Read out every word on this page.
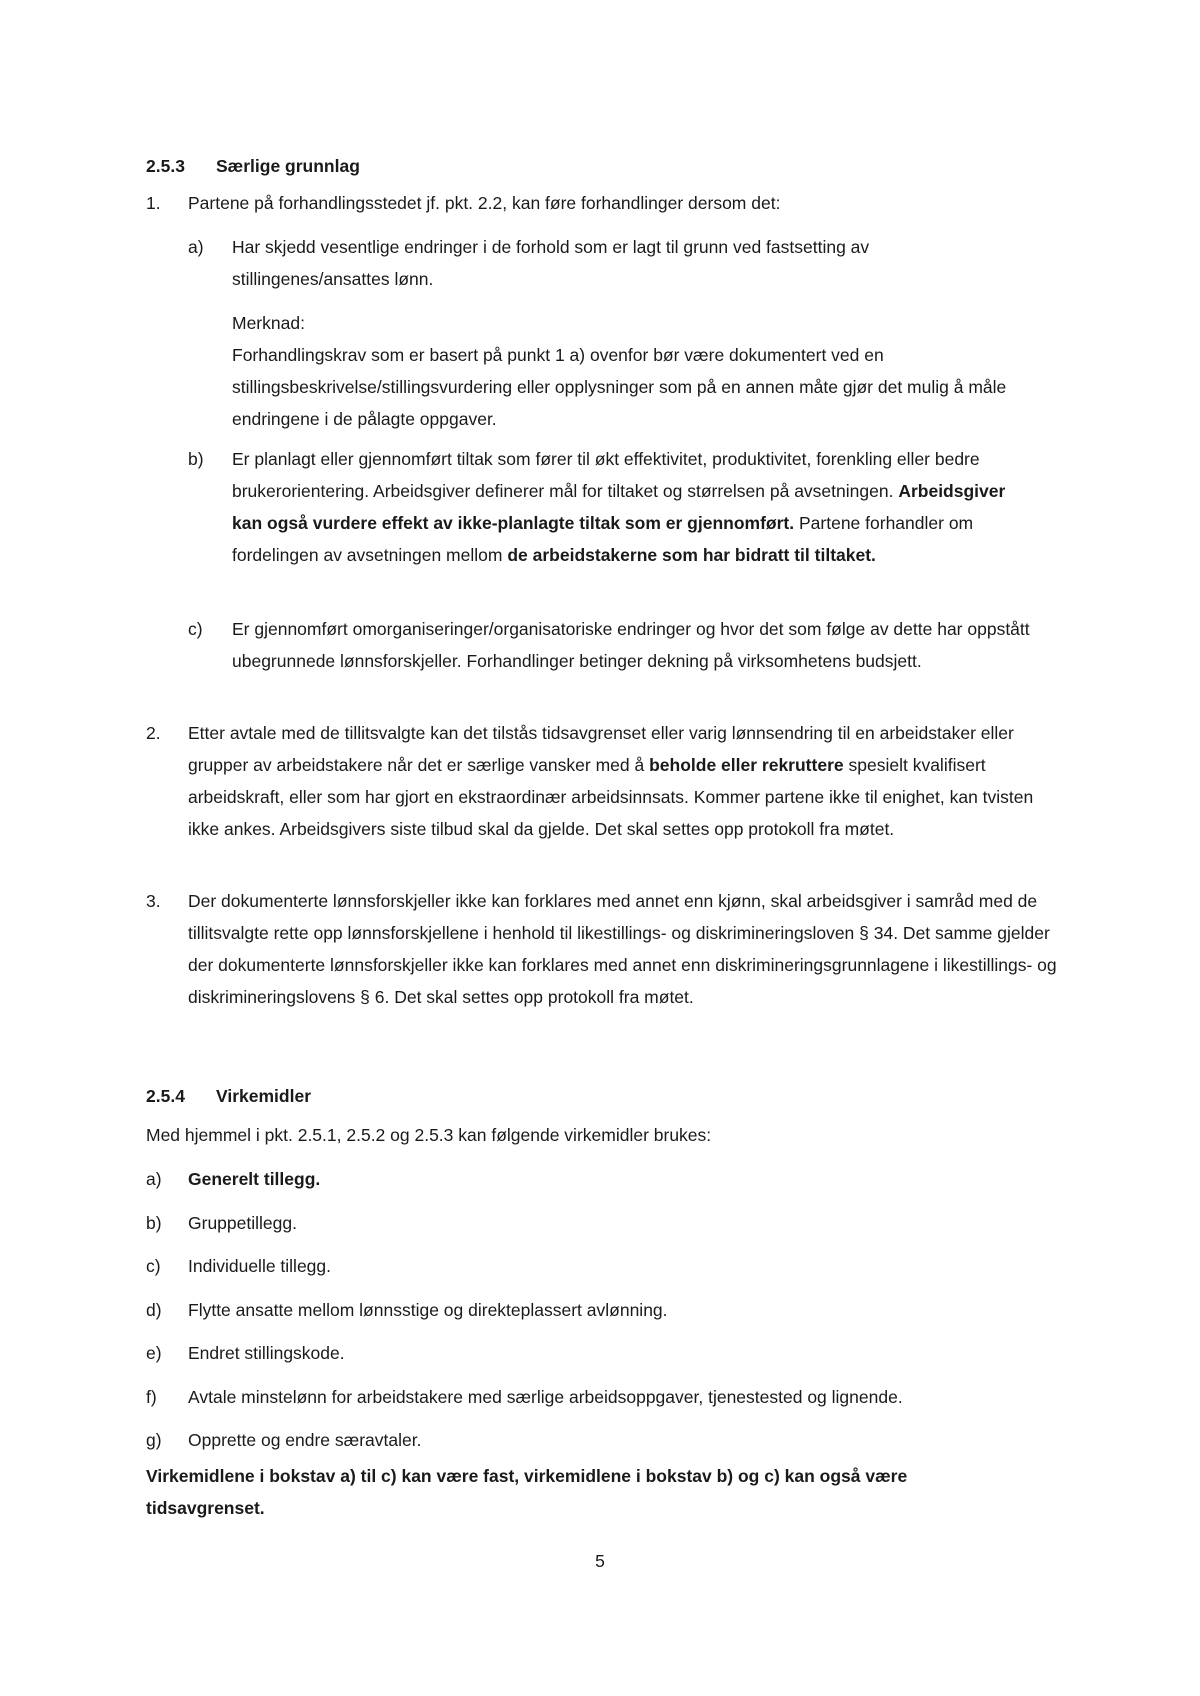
2.5.3 Særlige grunnlag
1.	Partene på forhandlingsstedet jf. pkt. 2.2, kan føre forhandlinger dersom det:
a)	Har skjedd vesentlige endringer i de forhold som er lagt til grunn ved fastsetting av stillingenes/ansattes lønn.
Merknad:
Forhandlingskrav som er basert på punkt 1 a) ovenfor bør være dokumentert ved en stillingsbeskrivelse/stillingsvurdering eller opplysninger som på en annen måte gjør det mulig å måle endringene i de pålagte oppgaver.
b)	Er planlagt eller gjennomført tiltak som fører til økt effektivitet, produktivitet, forenkling eller bedre brukerorientering. Arbeidsgiver definerer mål for tiltaket og størrelsen på avsetningen. Arbeidsgiver kan også vurdere effekt av ikke-planlagte tiltak som er gjennomført. Partene forhandler om fordelingen av avsetningen mellom de arbeidstakerne som har bidratt til tiltaket.
c)	Er gjennomført omorganiseringer/organisatoriske endringer og hvor det som følge av dette har oppstått ubegrunnede lønnsforskjeller. Forhandlinger betinger dekning på virksomhetens budsjett.
2.	Etter avtale med de tillitsvalgte kan det tilstås tidsavgrenset eller varig lønnsendring til en arbeidstaker eller grupper av arbeidstakere når det er særlige vansker med å beholde eller rekruttere spesielt kvalifisert arbeidskraft, eller som har gjort en ekstraordinær arbeidsinnsats. Kommer partene ikke til enighet, kan tvisten ikke ankes. Arbeidsgivers siste tilbud skal da gjelde. Det skal settes opp protokoll fra møtet.
3.	Der dokumenterte lønnsforskjeller ikke kan forklares med annet enn kjønn, skal arbeidsgiver i samråd med de tillitsvalgte rette opp lønnsforskjellene i henhold til likestillings- og diskrimineringsloven § 34. Det samme gjelder der dokumenterte lønnsforskjeller ikke kan forklares med annet enn diskrimineringsgrunnlagene i likestillings- og diskrimineringslovens § 6. Det skal settes opp protokoll fra møtet.
2.5.4 Virkemidler
Med hjemmel i pkt. 2.5.1, 2.5.2 og 2.5.3 kan følgende virkemidler brukes:
a)	Generelt tillegg.
b)	Gruppetillegg.
c)	Individuelle tillegg.
d)	Flytte ansatte mellom lønnsstige og direkteplassert avlønning.
e)	Endret stillingskode.
f)	Avtale minstelønn for arbeidstakere med særlige arbeidsoppgaver, tjenestested og lignende.
g)	Opprette og endre særavtaler.
Virkemidlene i bokstav a) til c) kan være fast, virkemidlene i bokstav b) og c) kan også være tidsavgrenset.
5
